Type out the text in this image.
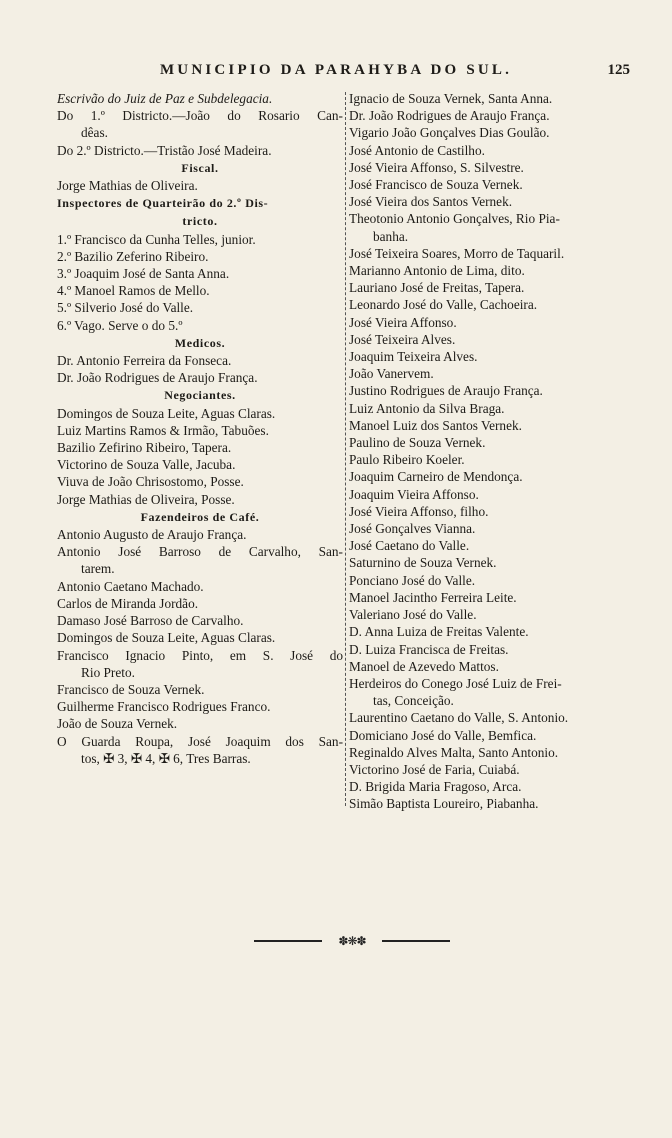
MUNICIPIO DA PARAHYBA DO SUL.	125
Escrivão do Juiz de Paz e Subdelegacia.
Do 1.º Districto.—João do Rosario Can-
dêas.
Do 2.º Districto.—Tristão José Madeira.
Fiscal.
Jorge Mathias de Oliveira.
Inspectores de Quarteirão do 2.º Dis-
tricto.
1.º Francisco da Cunha Telles, junior.
2.º Bazilio Zeferino Ribeiro.
3.º Joaquim José de Santa Anna.
4.º Manoel Ramos de Mello.
5.º Silverio José do Valle.
6.º Vago. Serve o do 5.º
Medicos.
Dr. Antonio Ferreira da Fonseca.
Dr. João Rodrigues de Araujo França.
Negociantes.
Domingos de Souza Leite, Aguas Claras.
Luiz Martins Ramos & Irmão, Tabuões.
Bazilio Zefirino Ribeiro, Tapera.
Victorino de Souza Valle, Jacuba.
Viuva de João Chrisostomo, Posse.
Jorge Mathias de Oliveira, Posse.
Fazendeiros de Café.
Antonio Augusto de Araujo França.
Antonio José Barroso de Carvalho, San-
tarem.
Antonio Caetano Machado.
Carlos de Miranda Jordão.
Damaso José Barroso de Carvalho.
Domingos de Souza Leite, Aguas Claras.
Francisco Ignacio Pinto, em S. José do
Rio Preto.
Francisco de Souza Vernek.
Guilherme Francisco Rodrigues Franco.
João de Souza Vernek.
O Guarda Roupa, José Joaquim dos San-
tos, ✠ 3, ✠ 4, ✠ 6, Tres Barras.
Ignacio de Souza Vernek, Santa Anna.
Dr. João Rodrigues de Araujo França.
Vigario João Gonçalves Dias Goulão.
José Antonio de Castilho.
José Vieira Affonso, S. Silvestre.
José Francisco de Souza Vernek.
José Vieira dos Santos Vernek.
Theotonio Antonio Gonçalves, Rio Pia-
banha.
José Teixeira Soares, Morro de Taquaril.
Marianno Antonio de Lima, dito.
Lauriano José de Freitas, Tapera.
Leonardo José do Valle, Cachoeira.
José Vieira Affonso.
José Teixeira Alves.
Joaquim Teixeira Alves.
João Vanervem.
Justino Rodrigues de Araujo França.
Luiz Antonio da Silva Braga.
Manoel Luiz dos Santos Vernek.
Paulino de Souza Vernek.
Paulo Ribeiro Koeler.
Joaquim Carneiro de Mendonça.
Joaquim Vieira Affonso.
José Vieira Affonso, filho.
José Gonçalves Vianna.
José Caetano do Valle.
Saturnino de Souza Vernek.
Ponciano José do Valle.
Manoel Jacintho Ferreira Leite.
Valeriano José do Valle.
D. Anna Luiza de Freitas Valente.
D. Luiza Francisca de Freitas.
Manoel de Azevedo Mattos.
Herdeiros do Conego José Luiz de Frei-
tas, Conceição.
Laurentino Caetano do Valle, S. Antonio.
Domiciano José do Valle, Bemfica.
Reginaldo Alves Malta, Santo Antonio.
Victorino José de Faria, Cuiabá.
D. Brigida Maria Fragoso, Arca.
Simão Baptista Loureiro, Piabanha.
✽❋✽
